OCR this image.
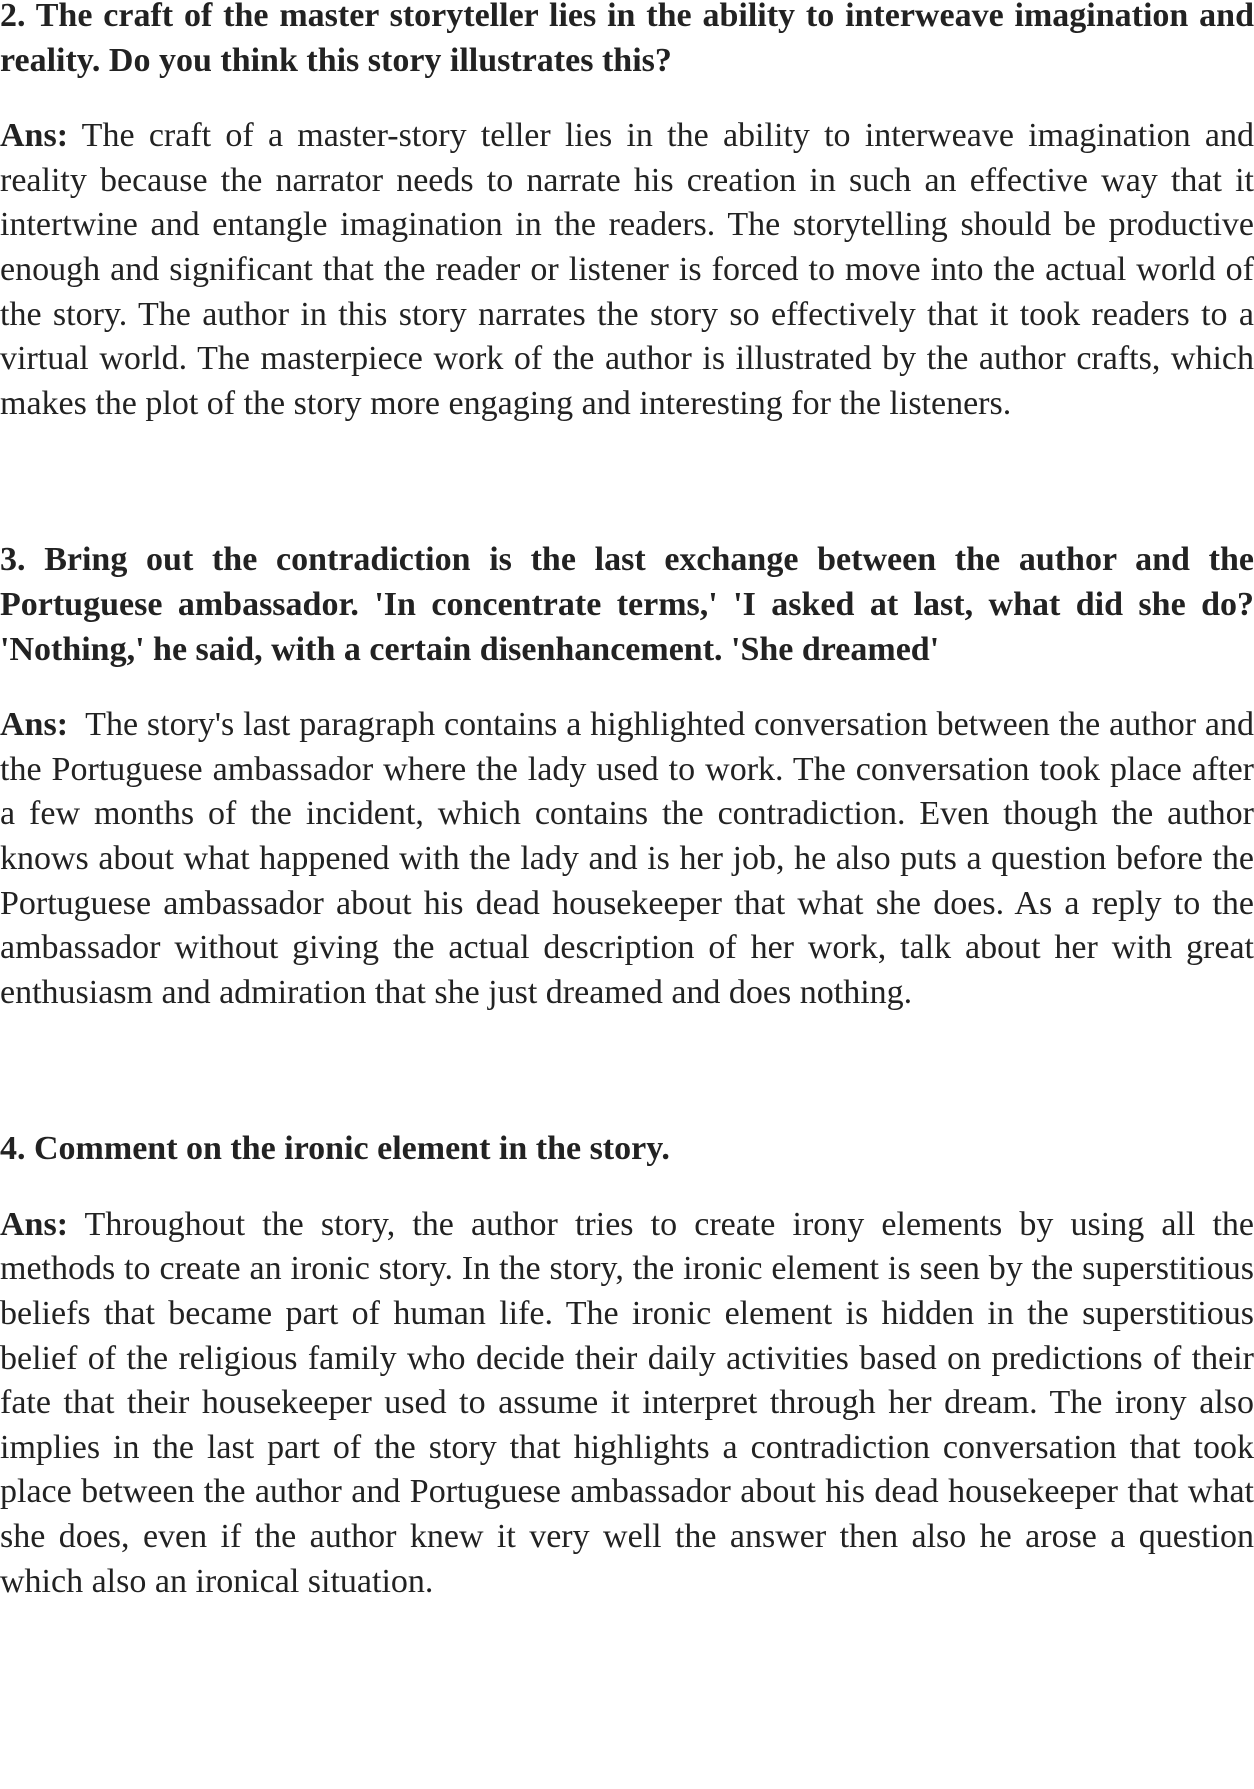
2. The craft of the master storyteller lies in the ability to interweave imagination and reality. Do you think this story illustrates this?

Ans: The craft of a master-story teller lies in the ability to interweave imagination and reality because the narrator needs to narrate his creation in such an effective way that it intertwine and entangle imagination in the readers. The storytelling should be productive enough and significant that the reader or listener is forced to move into the actual world of the story. The author in this story narrates the story so effectively that it took readers to a virtual world. The masterpiece work of the author is illustrated by the author crafts, which makes the plot of the story more engaging and interesting for the listeners.

3. Bring out the contradiction is the last exchange between the author and the Portuguese ambassador. 'In concentrate terms,' 'I asked at last, what did she do? 'Nothing,' he said, with a certain disenhancement. 'She dreamed'

Ans:  The story's last paragraph contains a highlighted conversation between the author and the Portuguese ambassador where the lady used to work. The conversation took place after a few months of the incident, which contains the contradiction. Even though the author knows about what happened with the lady and is her job, he also puts a question before the Portuguese ambassador about his dead housekeeper that what she does. As a reply to the ambassador without giving the actual description of her work, talk about her with great enthusiasm and admiration that she just dreamed and does nothing.

4. Comment on the ironic element in the story.

Ans: Throughout the story, the author tries to create irony elements by using all the methods to create an ironic story. In the story, the ironic element is seen by the superstitious beliefs that became part of human life. The ironic element is hidden in the superstitious belief of the religious family who decide their daily activities based on predictions of their fate that their housekeeper used to assume it interpret through her dream. The irony also implies in the last part of the story that highlights a contradiction conversation that took place between the author and Portuguese ambassador about his dead housekeeper that what she does, even if the author knew it very well the answer then also he arose a question which also an ironical situation.
